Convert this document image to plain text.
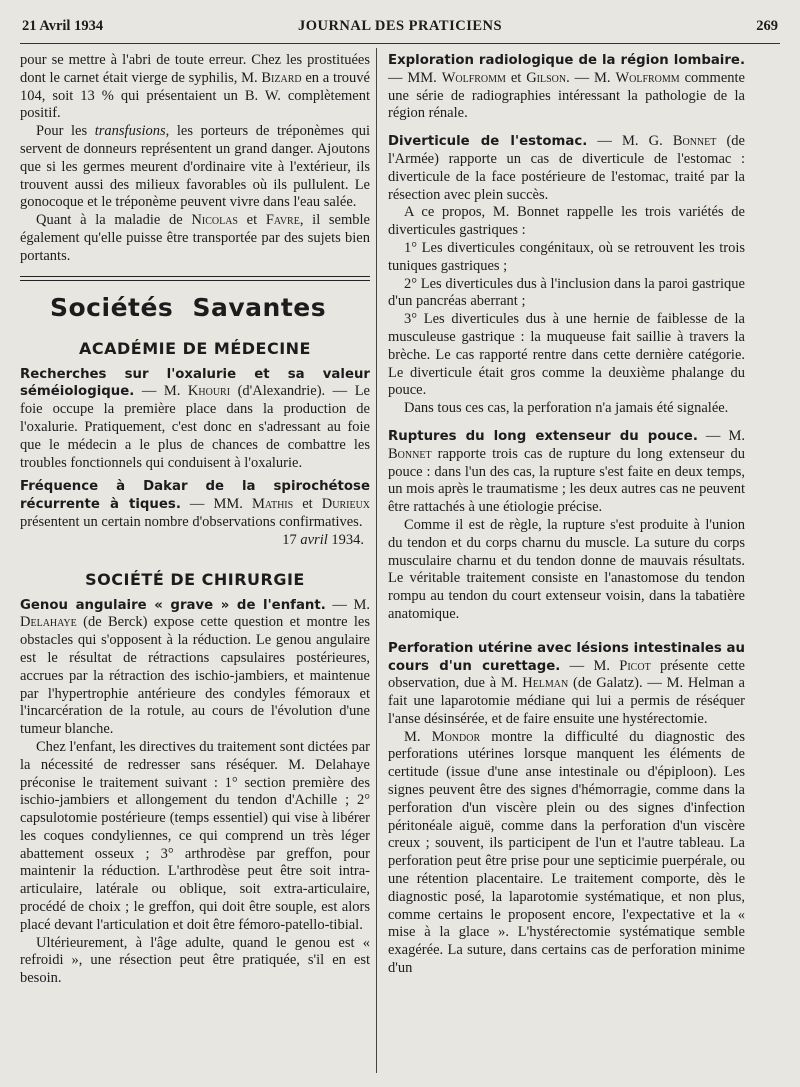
21 Avril 1934	JOURNAL DES PRATICIENS	269

pour se mettre à l'abri de toute erreur. Chez les prostituées dont le carnet était vierge de syphilis, M. Bizard en a trouvé 104, soit 13 % qui présentaient un B. W. complètement positif.

Pour les transfusions, les porteurs de tréponèmes qui servent de donneurs représentent un grand danger. Ajoutons que si les germes meurent d'ordinaire vite à l'extérieur, ils trouvent aussi des milieux favorables où ils pullulent. Le gonocoque et le tréponème peuvent vivre dans l'eau salée.

Quant à la maladie de Nicolas et Favre, il semble également qu'elle puisse être transportée par des sujets bien portants.

Sociétés Savantes
ACADÉMIE DE MÉDECINE

Recherches sur l'oxalurie et sa valeur séméiologique. — M. Khouri (d'Alexandrie). — Le foie occupe la première place dans la production de l'oxalurie. Pratiquement, c'est donc en s'adressant au foie que le médecin a le plus de chances de combattre les troubles fonctionnels qui conduisent à l'oxalurie.

Fréquence à Dakar de la spirochétose récurrente à tiques. — MM. Mathis et Durieux présentent un certain nombre d'observations confirmatives.

17 avril 1934.

SOCIÉTÉ DE CHIRURGIE

Genou angulaire « grave » de l'enfant. — M. Delahaye (de Berck) expose cette question et montre les obstacles qui s'opposent à la réduction. Le genou angulaire est le résultat de rétractions capsulaires postérieures, accrues par la rétraction des ischio-jambiers, et maintenue par l'hypertrophie antérieure des condyles fémoraux et l'incarcération de la rotule, au cours de l'évolution d'une tumeur blanche.

Chez l'enfant, les directives du traitement sont dictées par la nécessité de redresser sans réséquer. M. Delahaye préconise le traitement suivant : 1° section première des ischio-jambiers et allongement du tendon d'Achille ; 2° capsulotomie postérieure (temps essentiel) qui vise à libérer les coques condyliennes, ce qui comprend un très léger abattement osseux ; 3° arthrodèse par greffon, pour maintenir la réduction. L'arthrodèse peut être soit intra-articulaire, latérale ou oblique, soit extra-articulaire, procédé de choix ; le greffon, qui doit être souple, est alors placé devant l'articulation et doit être fémoro-patello-tibial.

Ultérieurement, à l'âge adulte, quand le genou est « refroidi », une résection peut être pratiquée, s'il en est besoin.

Exploration radiologique de la région lombaire. — MM. Wolfromm et Gilson. — M. Wolfromm commente une série de radiographies intéressant la pathologie de la région rénale.

Diverticule de l'estomac. — M. G. Bonnet (de l'Armée) rapporte un cas de diverticule de l'estomac : diverticule de la face postérieure de l'estomac, traité par la résection avec plein succès.

A ce propos, M. Bonnet rappelle les trois variétés de diverticules gastriques :

1° Les diverticules congénitaux, où se retrouvent les trois tuniques gastriques ;

2° Les diverticules dus à l'inclusion dans la paroi gastrique d'un pancréas aberrant ;

3° Les diverticules dus à une hernie de faiblesse de la musculeuse gastrique : la muqueuse fait saillie à travers la brèche. Le cas rapporté rentre dans cette dernière catégorie. Le diverticule était gros comme la deuxième phalange du pouce.

Dans tous ces cas, la perforation n'a jamais été signalée.

Ruptures du long extenseur du pouce. — M. Bonnet rapporte trois cas de rupture du long extenseur du pouce : dans l'un des cas, la rupture s'est faite en deux temps, un mois après le traumatisme ; les deux autres cas ne peuvent être rattachés à une étiologie précise.

Comme il est de règle, la rupture s'est produite à l'union du tendon et du corps charnu du muscle. La suture du corps musculaire charnu et du tendon donne de mauvais résultats. Le véritable traitement consiste en l'anastomose du tendon rompu au tendon du court extenseur voisin, dans la tabatière anatomique.

Perforation utérine avec lésions intestinales au cours d'un curettage. — M. Picot présente cette observation, due à M. Helman (de Galatz). — M. Helman a fait une laparotomie médiane qui lui a permis de réséquer l'anse désinsérée, et de faire ensuite une hystérectomie.

M. Mondor montre la difficulté du diagnostic des perforations utérines lorsque manquent les éléments de certitude (issue d'une anse intestinale ou d'épiploon). Les signes peuvent être des signes d'hémorragie, comme dans la perforation d'un viscère plein ou des signes d'infection péritonéale aiguë, comme dans la perforation d'un viscère creux ; souvent, ils participent de l'un et l'autre tableau. La perforation peut être prise pour une septicimie puerpérale, ou une rétention placentaire. Le traitement comporte, dès le diagnostic posé, la laparotomie systématique, et non plus, comme certains le proposent encore, l'expectative et la « mise à la glace ». L'hystérectomie systématique semble exagérée. La suture, dans certains cas de perforation minime d'un
